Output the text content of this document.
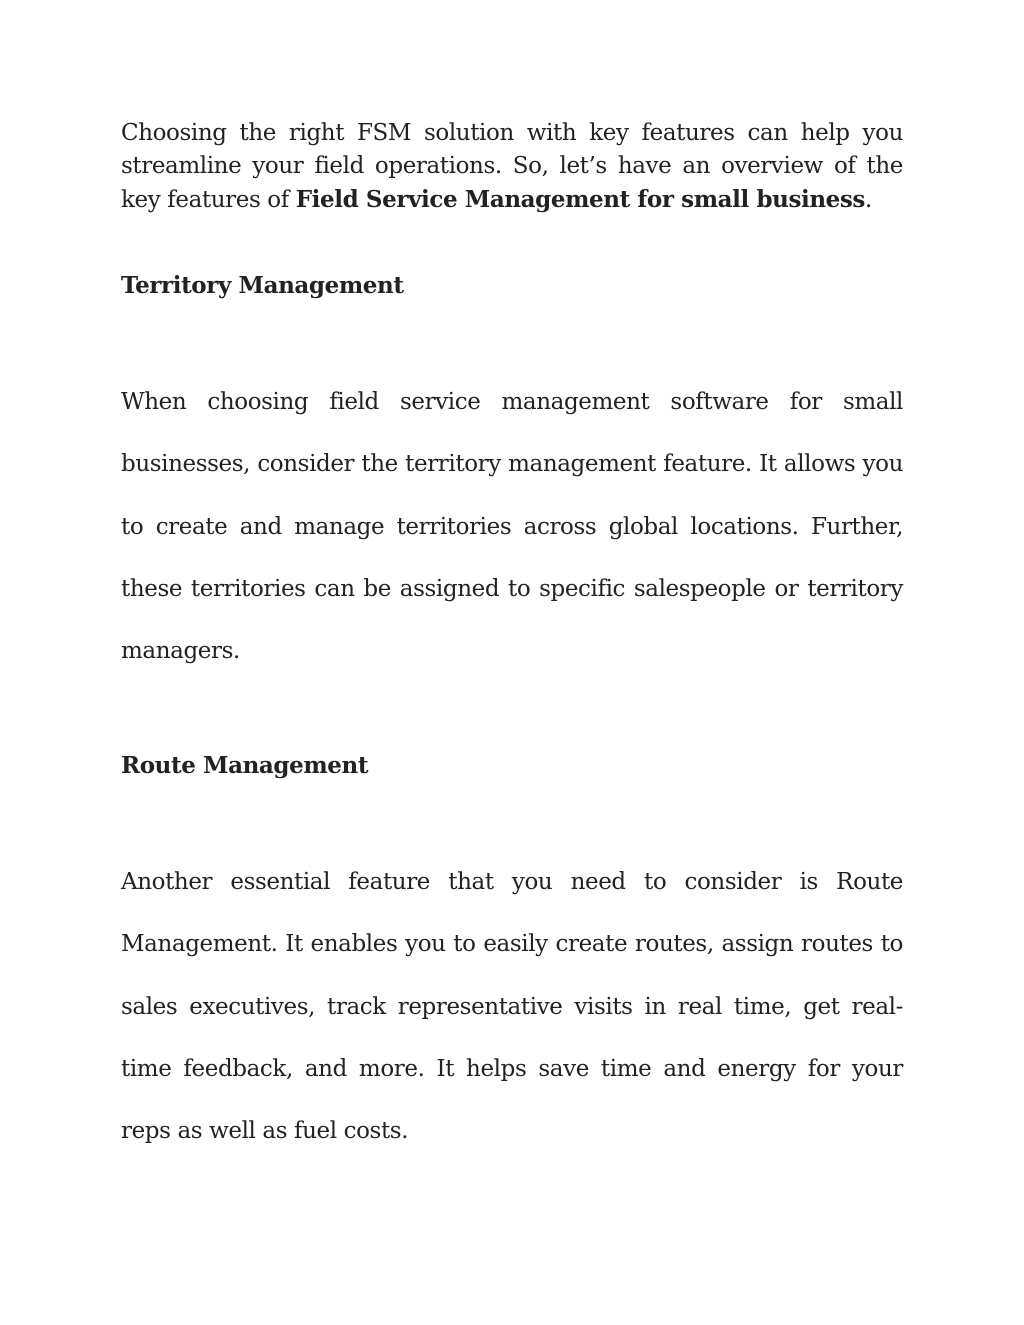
Choosing the right FSM solution with key features can help you streamline your field operations. So, let’s have an overview of the key features of Field Service Management for small business.

Territory Management

When choosing field service management software for small businesses, consider the territory management feature. It allows you to create and manage territories across global locations. Further, these territories can be assigned to specific salespeople or territory managers.

Route Management

Another essential feature that you need to consider is Route Management. It enables you to easily create routes, assign routes to sales executives, track representative visits in real time, get real-time feedback, and more. It helps save time and energy for your reps as well as fuel costs.
